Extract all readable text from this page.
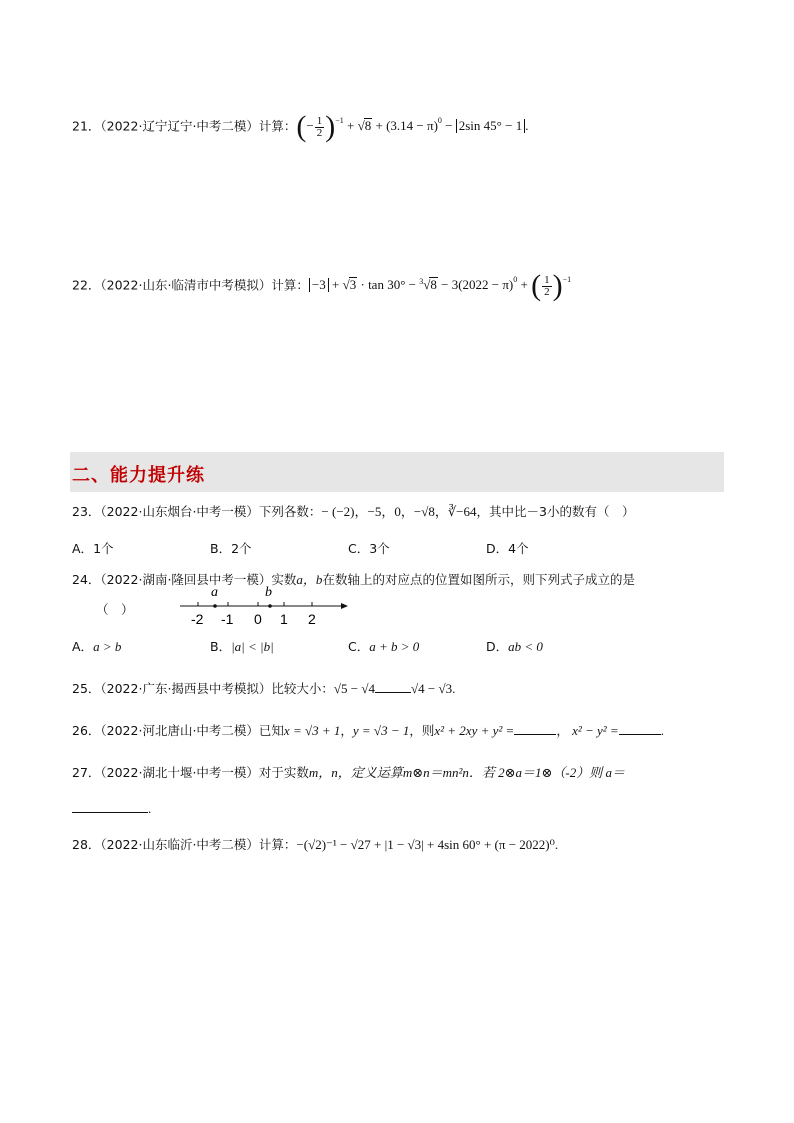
21．（2022·辽宁辽宁·中考二模）计算：(− $\frac{1}{2} )^{-1} + √8 + (3.14 - \pi)^0 - 2\sin$ 45° − 1 .
22．（2022·山东·临清市中考模拟）计算： $-3 + √3 \cdot \tan 30^\circ - ^3√8 - 3(2022 - \pi)^0$ + ( $\frac{1}{2} )^{-1}$
二、能力提升练
23．（2022·山东烟台·中考一模）下列各数：− (−2)，−5，0，−√8，∛−64，其中比－3小的数有（　）
A．1个	B．2个	C．3个	D．4个
24．（2022·湖南·隆回县中考一模）实数a，b在数轴上的对应点的位置如图所示，则下列式子成立的是
（　）
a	b
-2 -1 0 1 2
A．a > b	B．|a| < |b|	C．a + b > 0	D．ab < 0
25．（2022·广东·揭西县中考模拟）比较大小：√5 − √4	√4 − √3.
26．（2022·河北唐山·中考二模）已知x = √3 + 1，y = √3 − 1，则x² + 2xy + y² =	， x² − y² =	.
27．（2022·湖北十堰·中考一模）对于实数m，n，定义运算m⊗n＝mn²n．若 2⊗a＝1⊗（-2）则 a＝
.
28．（2022·山东临沂·中考二模）计算：−(√2)⁻¹ − √27 + |1 − √3| + 4sin 60° + (π − 2022)⁰.
